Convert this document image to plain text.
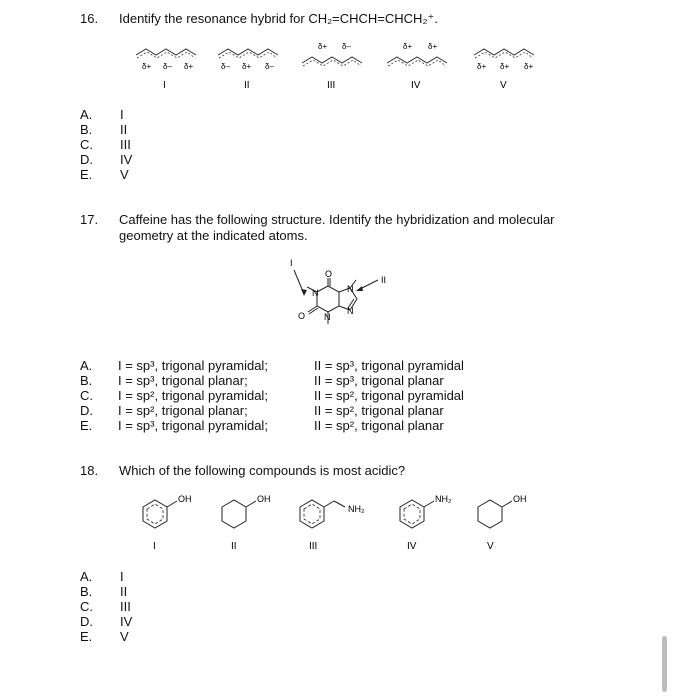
16. Identify the resonance hybrid for CH₂=CHCH=CHCH₂⁺.
δ+ δ– δ+
I
δ– δ+ δ–
II
δ+ δ–
III
δ+ δ+
IV
δ+ δ+ δ+
V
A.	I
B.	II
C.	III
D.	IV
E.	V
17. Caffeine has the following structure. Identify the hybridization and molecular
geometry at the indicated atoms.
I
O
O
N
N
N
N
II
A.	I = sp³, trigonal pyramidal;	II = sp³, trigonal pyramidal
B.	I = sp³, trigonal planar;	II = sp³, trigonal planar
C.	I = sp², trigonal pyramidal;	II = sp², trigonal pyramidal
D.	I = sp², trigonal planar;	II = sp², trigonal planar
E.	I = sp³, trigonal pyramidal;	II = sp², trigonal planar
18. Which of the following compounds is most acidic?
OH
I
OH
II
NH₂
III
NH₂
IV
OH
V
A.	I
B.	II
C.	III
D.	IV
E.	V
